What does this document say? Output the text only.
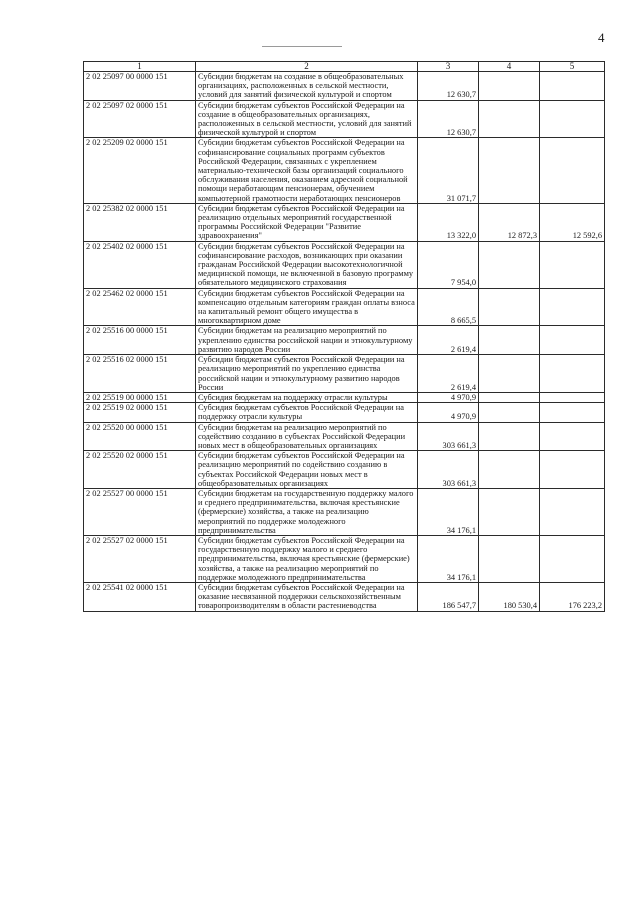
4
1	2	3	4	5
2 02 25097 00 0000 151	Субсидии бюджетам на создание в общеобразовательных организациях, расположенных в сельской местности, условий для занятий физической культурой и спортом	12 630,7		
2 02 25097 02 0000 151	Субсидии бюджетам субъектов Российской Федерации на создание в общеобразовательных организациях, расположенных в сельской местности, условий для занятий физической культурой и спортом	12 630,7		
2 02 25209 02 0000 151	Субсидии бюджетам субъектов Российской Федерации на софинансирование социальных программ субъектов Российской Федерации, связанных с укреплением материально-технической базы организаций социального обслуживания населения, оказанием адресной социальной помощи неработающим пенсионерам, обучением компьютерной грамотности неработающих пенсионеров	31 071,7		
2 02 25382 02 0000 151	Субсидии бюджетам субъектов Российской Федерации на реализацию отдельных мероприятий государственной программы Российской Федерации "Развитие здравоохранения"	13 322,0	12 872,3	12 592,6
2 02 25402 02 0000 151	Субсидии бюджетам субъектов Российской Федерации на софинансирование расходов, возникающих при оказании гражданам Российской Федерации высокотехнологичной медицинской помощи, не включенной в базовую программу обязательного медицинского страхования	7 954,0		
2 02 25462 02 0000 151	Субсидии бюджетам субъектов Российской Федерации на компенсацию отдельным категориям граждан оплаты взноса на капитальный ремонт общего имущества в многоквартирном доме	8 665,5		
2 02 25516 00 0000 151	Субсидии бюджетам на реализацию мероприятий по укреплению единства российской нации и этнокультурному развитию народов России	2 619,4		
2 02 25516 02 0000 151	Субсидии бюджетам субъектов Российской Федерации на реализацию мероприятий по укреплению единства российской нации и этнокультурному развитию народов России	2 619,4		
2 02 25519 00 0000 151	Субсидия бюджетам на поддержку отрасли культуры	4 970,9		
2 02 25519 02 0000 151	Субсидия бюджетам субъектов Российской Федерации на поддержку отрасли культуры	4 970,9		
2 02 25520 00 0000 151	Субсидии бюджетам на реализацию мероприятий по содействию созданию в субъектах Российской Федерации новых мест в общеобразовательных организациях	303 661,3		
2 02 25520 02 0000 151	Субсидии бюджетам субъектов Российской Федерации на реализацию мероприятий по содействию созданию в субъектах Российской Федерации новых мест в общеобразовательных организациях	303 661,3		
2 02 25527 00 0000 151	Субсидии бюджетам на государственную поддержку малого и среднего предпринимательства, включая крестьянские (фермерские) хозяйства, а также на реализацию мероприятий по поддержке молодежного предпринимательства	34 176,1		
2 02 25527 02 0000 151	Субсидии бюджетам субъектов Российской Федерации на государственную поддержку малого и среднего предпринимательства, включая крестьянские (фермерские) хозяйства, а также на реализацию мероприятий по поддержке молодежного предпринимательства	34 176,1		
2 02 25541 02 0000 151	Субсидии бюджетам субъектов Российской Федерации на оказание несвязанной поддержки сельскохозяйственным товаропроизводителям в области растениеводства	186 547,7	180 530,4	176 223,2
